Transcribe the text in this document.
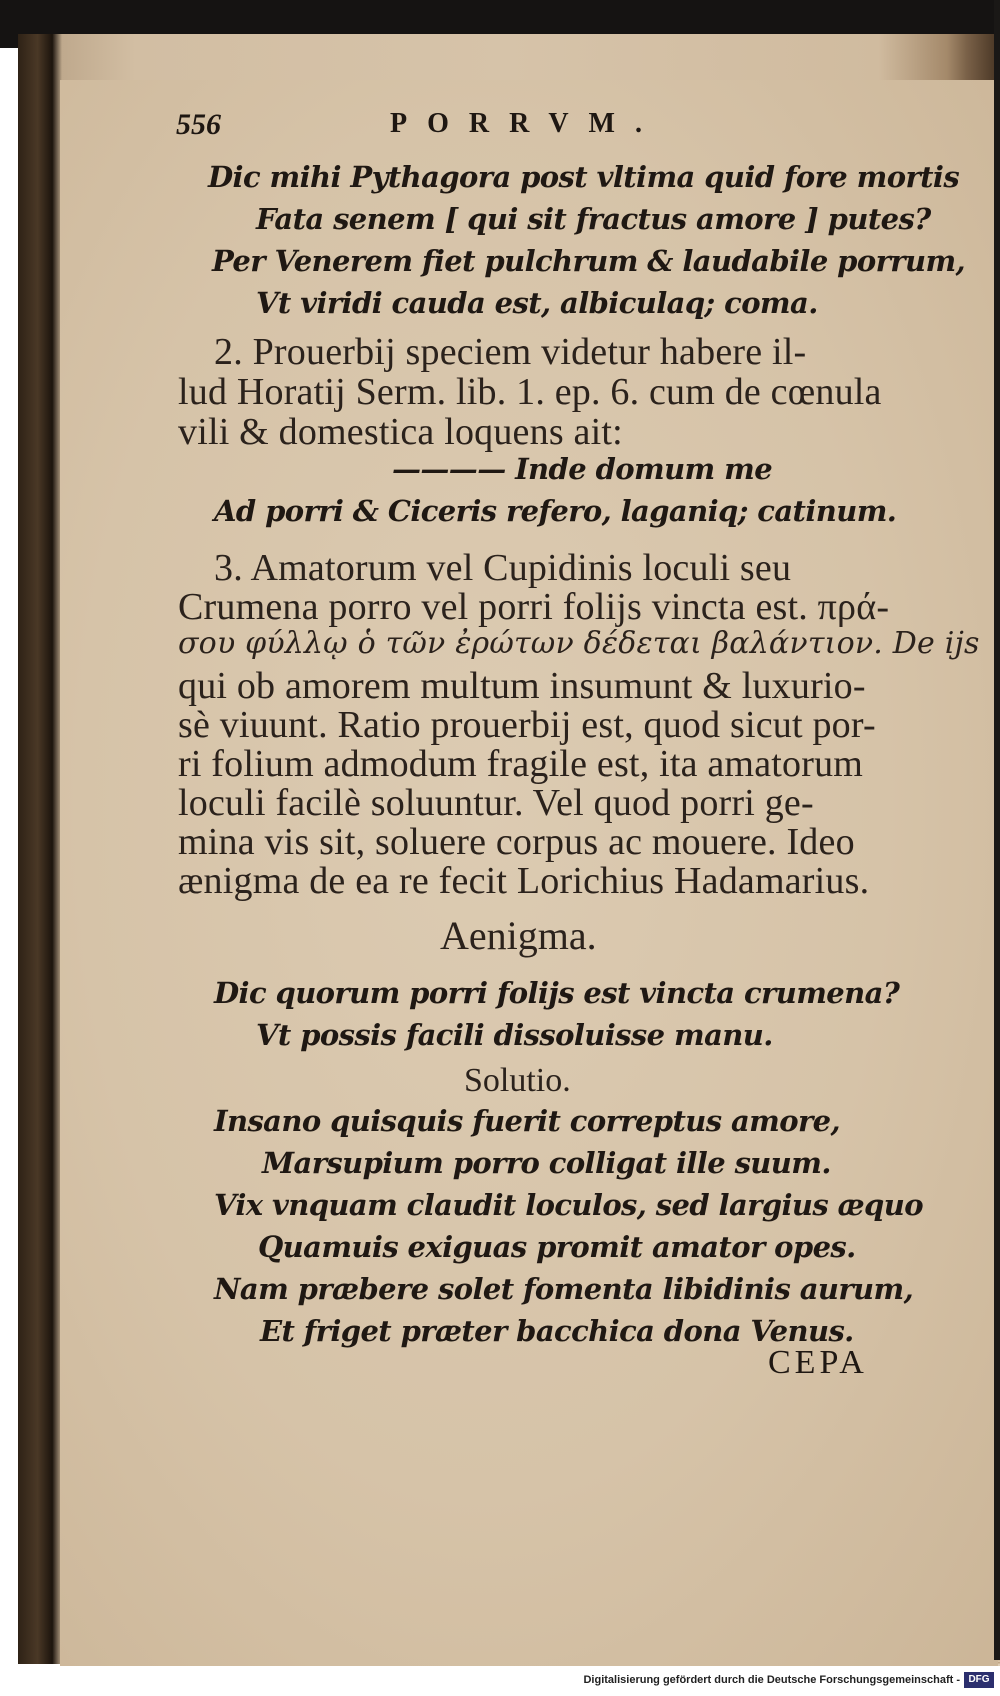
556	PORRVM.
Dic mihi Pythagora post vltima quid fore mortis
Fata senem [ qui sit fractus amore ] putes?
Per Venerem fiet pulchrum & laudabile porrum,
Vt viridi cauda est, albiculaq; coma.
2. Prouerbij speciem videtur habere il-
lud Horatij Serm. lib. 1. ep. 6. cum de cœnula
vili & domestica loquens ait:
———— Inde domum me
Ad porri & Ciceris refero, laganiq; catinum.
3. Amatorum vel Cupidinis loculi seu
Crumena porro vel porri folijs vincta est. πρά-
σου φύλλῳ ὁ τῶν ἐρώτων δέδεται βαλάντιον. De ijs
qui ob amorem multum insumunt & luxurio-
sè viuunt. Ratio prouerbij est, quod sicut por-
ri folium admodum fragile est, ita amatorum
loculi facilè soluuntur. Vel quod porri ge-
mina vis sit, soluere corpus ac mouere. Ideo
ænigma de ea re fecit Lorichius Hadamarius.
Aenigma.
Dic quorum porri folijs est vincta crumena?
Vt possis facili dissoluisse manu.
Solutio.
Insano quisquis fuerit correptus amore,
Marsupium porro colligat ille suum.
Vix vnquam claudit loculos, sed largius æquo
Quamuis exiguas promit amator opes.
Nam præbere solet fomenta libidinis aurum,
Et friget præter bacchica dona Venus.
CEPA
Digitalisierung gefördert durch die Deutsche Forschungsgemeinschaft - DFG
